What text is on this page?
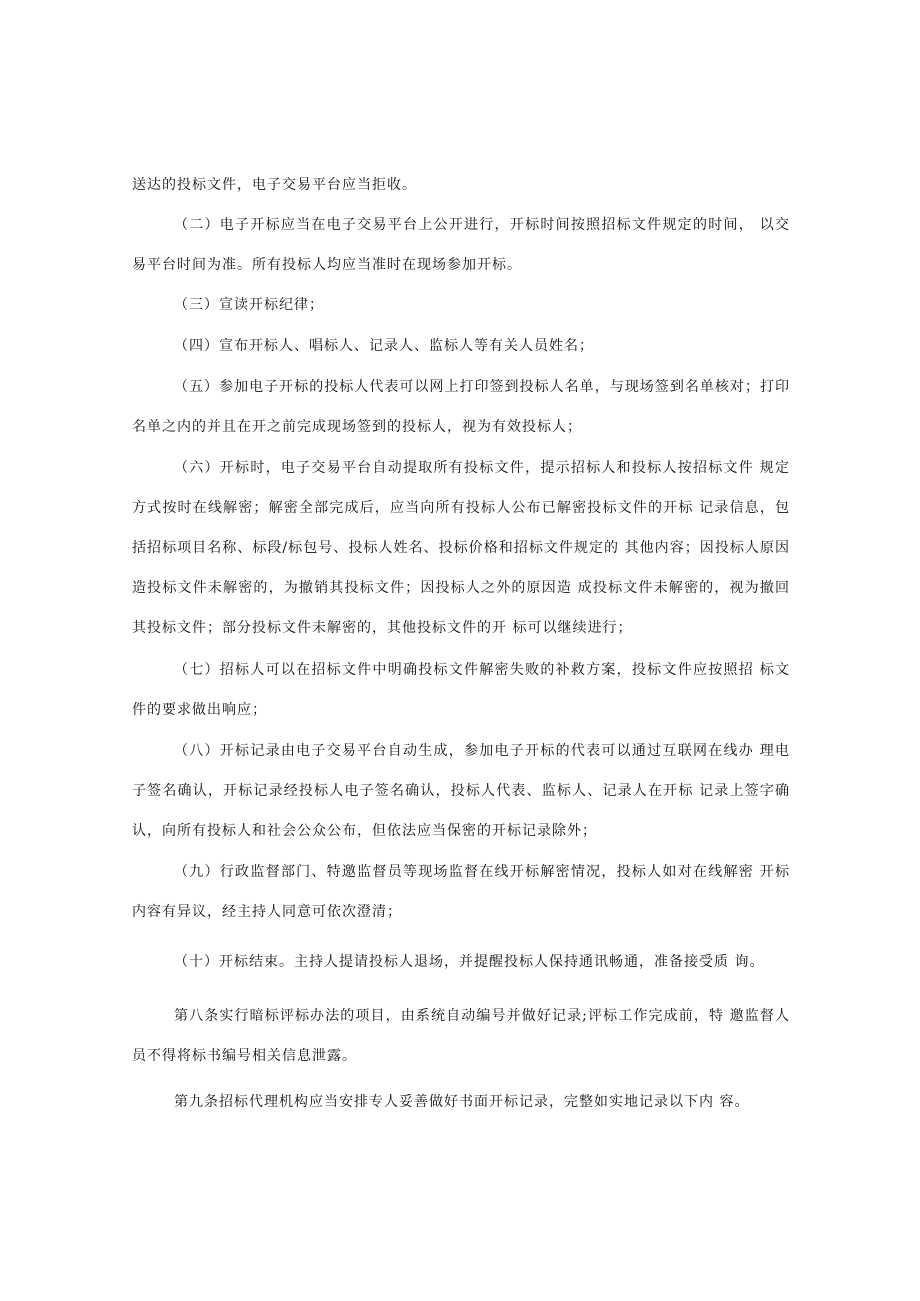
送达的投标文件，电子交易平台应当拒收。

（二）电子开标应当在电子交易平台上公开进行，开标时间按照招标文件规定的时间， 以交易平台时间为准。所有投标人均应当准时在现场参加开标。

（三）宣读开标纪律；

（四）宣布开标人、唱标人、记录人、监标人等有关人员姓名；

（五）参加电子开标的投标人代表可以网上打印签到投标人名单，与现场签到名单核对；打印名单之内的并且在开之前完成现场签到的投标人，视为有效投标人；

（六）开标时，电子交易平台自动提取所有投标文件，提示招标人和投标人按招标文件 规定方式按时在线解密；解密全部完成后，应当向所有投标人公布已解密投标文件的开标 记录信息，包括招标项目名称、标段/标包号、投标人姓名、投标价格和招标文件规定的 其他内容；因投标人原因造投标文件未解密的，为撤销其投标文件；因投标人之外的原因造 成投标文件未解密的，视为撤回其投标文件；部分投标文件未解密的，其他投标文件的开 标可以继续进行；

（七）招标人可以在招标文件中明确投标文件解密失败的补救方案，投标文件应按照招 标文件的要求做出响应；

（八）开标记录由电子交易平台自动生成，参加电子开标的代表可以通过互联网在线办 理电子签名确认，开标记录经投标人电子签名确认，投标人代表、监标人、记录人在开标 记录上签字确认，向所有投标人和社会公众公布，但依法应当保密的开标记录除外；

（九）行政监督部门、特邀监督员等现场监督在线开标解密情况，投标人如对在线解密 开标内容有异议，经主持人同意可依次澄清；

（十）开标结束。主持人提请投标人退场，并提醒投标人保持通讯畅通，准备接受质 询。

第八条实行暗标评标办法的项目，由系统自动编号并做好记录;评标工作完成前，特 邀监督人员不得将标书编号相关信息泄露。

第九条招标代理机构应当安排专人妥善做好书面开标记录，完整如实地记录以下内 容。
